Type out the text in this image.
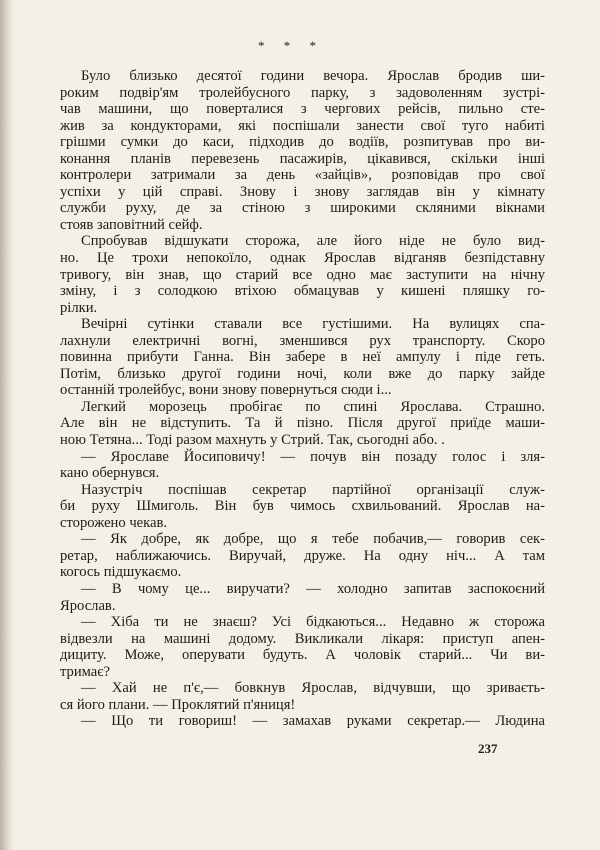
* * *
Було близько десятої години вечора. Ярослав бродив ши-
роким подвір'ям тролейбусного парку, з задоволенням зустрі-
чав машини, що поверталися з чергових рейсів, пильно сте-
жив за кондукторами, які поспішали занести свої туго набиті
грішми сумки до каси, підходив до водіїв, розпитував про ви-
конання планів перевезень пасажирів, цікавився, скільки інші
контролери затримали за день «зайців», розповідав про свої
успіхи у цій справі. Знову і знову заглядав він у кімнату
служби руху, де за стіною з широкими скляними вікнами
стояв заповітний сейф.
Спробував відшукати сторожа, але його ніде не було вид-
но. Це трохи непокоїло, однак Ярослав відганяв безпідставну
тривогу, він знав, що старий все одно має заступити на нічну
зміну, і з солодкою втіхою обмацував у кишені пляшку го-
рілки.
Вечірні сутінки ставали все густішими. На вулицях спа-
лахнули електричні вогні, зменшився рух транспорту. Скоро
повинна прибути Ганна. Він забере в неї ампулу і піде геть.
Потім, близько другої години ночі, коли вже до парку зайде
останній тролейбус, вони знову повернуться сюди і...
Легкий морозець пробігає по спині Ярослава. Страшно.
Але він не відступить. Та й пізно. Після другої приїде маши-
ною Тетяна... Тоді разом махнуть у Стрий. Так, сьогодні або. .
— Ярославе Йосиповичу! — почув він позаду голос і зля-
кано обернувся.
Назустріч поспішав секретар партійної організації служ-
би руху Шмиголь. Він був чимось схвильований. Ярослав на-
сторожено чекав.
— Як добре, як добре, що я тебе побачив,— говорив сек-
ретар, наближаючись. Виручай, друже. На одну ніч... А там
когось підшукаємо.
— В чому це... виручати? — холодно запитав заспокоєний
Ярослав.
— Хіба ти не знаєш? Усі бідкаються... Недавно ж сторожа
відвезли на машині додому. Викликали лікаря: приступ апен-
дициту. Може, оперувати будуть. А чоловік старий... Чи ви-
тримає?
— Хай не п'є,— бовкнув Ярослав, відчувши, що зриваєть-
ся його плани. — Проклятий п'яниця!
— Що ти говориш! — замахав руками секретар.— Людина
237
